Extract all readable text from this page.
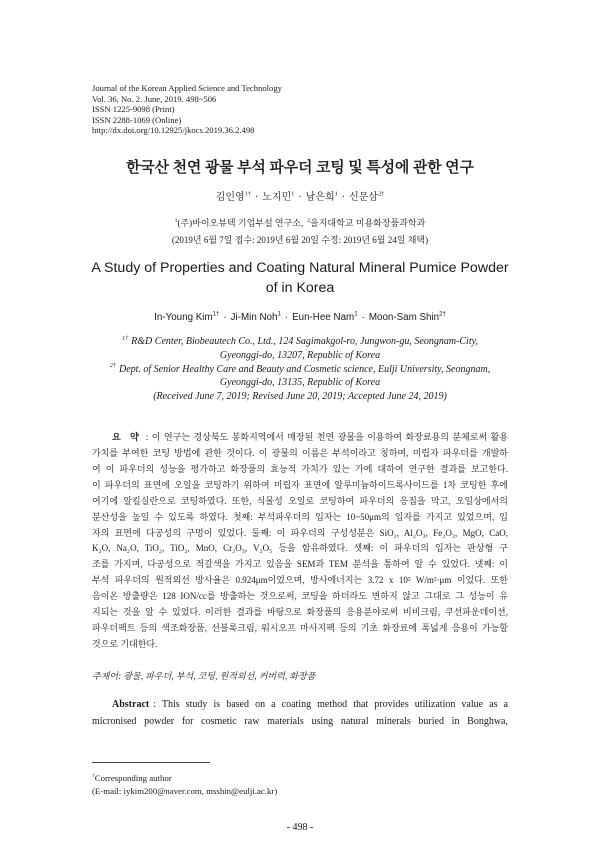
Journal of the Korean Applied Science and Technology
Vol. 36, No. 2. June, 2019. 498~506
ISSN 1225-9098 (Print)
ISSN 2288-1069 (Online)
http://dx.doi.org/10.12925/jkocs.2019.36.2.498
한국산 천연 광물 부석 파우더 코팅 및 특성에 관한 연구
김인영$^{1\dagger}$ · 노지민$^1$ · 남은희$^1$ · 신문삼$^{2\dagger}$
$^1$(주)바이오뷰텍 기업부설 연구소, $^2$을지대학교 미용화장품과학과
(2019년 6월 7일 접수: 2019년 6월 20일 수정: 2019년 6월 24일 채택)
A Study of Properties and Coating Natural Mineral Pumice Powder
of in Korea
In-Young Kim$^{1\dagger}$ · Ji-Min Noh$^1$ · Eun-Hee Nam$^1$ · Moon-Sam Shin$^{2\dagger}$
$^{1\dagger}$ R&D Center, Biobeautech Co., Ltd., 124 Sagimakgol-ro, Jungwon-gu, Seongnam-City,
Gyeonggi-do, 13207, Republic of Korea
$^{2\dagger}$ Dept. of Senior Healthy Care and Beauty and Cosmetic science, Eulji University, Seongnam,
Gyeonggi-do, 13135, Republic of Korea
(Received June 7, 2019; Revised June 20, 2019; Accepted June 24, 2019)
요 약 : 이 연구는 경상북도 봉화지역에서 매장된 천연 광물을 이용하여 화장료용의 분체로써 활용
가치를 부여한 코팅 방법에 관한 것이다. 이 광물의 이름은 부석이라고 칭하며, 미립자 파우더를 개발하
여 이 파우더의 성능을 평가하고 화장품의 효능적 가치가 있는 가에 대하여 연구한 결과를 보고한다.
이 파우더의 표면에 오일을 코팅하기 위하여 미립자 표면에 알루미늄하이드록사이드를 1차 코팅한 후에
여기에 알킬실란으로 코팅하였다. 또한, 식물성 오일로 코팅하여 파우더의 응집을 막고, 오일상에서의
분산성을 높일 수 있도록 하였다. 첫째: 부석파우더의 입자는 10~50μm의 입자를 가지고 있었으며, 입
자의 표면에 다공성의 구멍이 있었다. 둘째: 이 파우더의 구성성분은 SiO₂, Al₂O₃, Fe₂O₃, MgO, CaO,
K₂O, Na₂O, TiO₂, TiO₂, MnO, Cr₂O₃, V₂O₅ 등을 함유하였다. 셋째: 이 파우더의 입자는 판상형 구
조를 가지며, 다공성으로 적갈색을 가지고 있음을 SEM과 TEM 분석을 통하여 알 수 있었다. 넷째: 이
부석 파우더의 원적외선 방사율은 0.924μm이었으며, 방사에너지는 3.72 x 10² W/m²·μm 이었다. 또한
음이온 방출량은 128 ION/cc를 방출하는 것으로써, 코팅을 하더라도 변하지 않고 그대로 그 성능이 유
지되는 것을 알 수 있었다. 이러한 결과를 바탕으로 화장품의 응용분야로써 비비크림, 쿠션파운데이션,
파우더팩트 등의 색조화장품, 선블록크림, 워시오프 마사지팩 등의 기초 화장료에 폭넓게 응용이 가능할
것으로 기대한다.
주제어: 광물, 파우더, 부석, 코팅, 원적외선, 커버력, 화장품
Abstract : This study is based on a coating method that provides utilization value as a
micronised powder for cosmetic raw materials using natural minerals buried in Bonghwa,
†Corresponding author
(E-mail: iykim200@naver.com, msshin@eulji.ac.kr)
- 498 -
